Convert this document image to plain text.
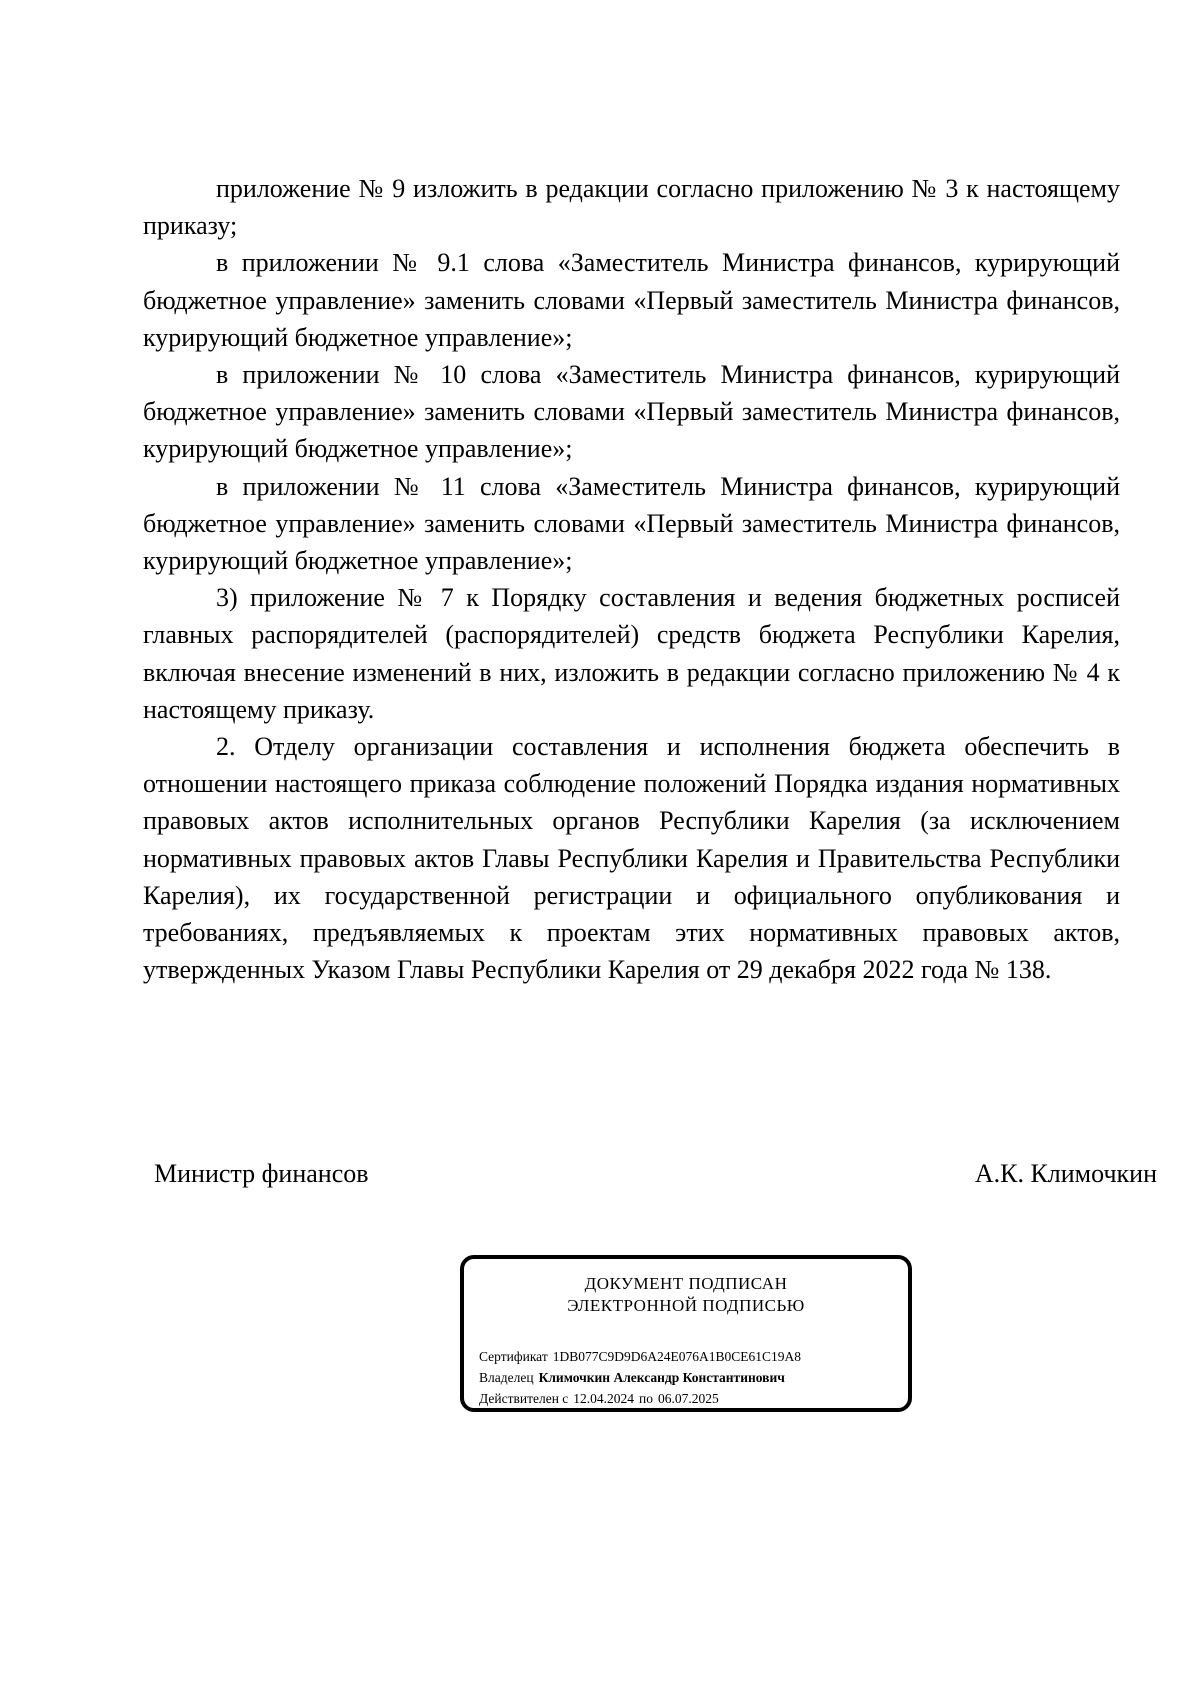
приложение № 9 изложить в редакции согласно приложению № 3 к настоящему приказу;

в приложении № 9.1 слова «Заместитель Министра финансов, курирующий бюджетное управление» заменить словами «Первый заместитель Министра финансов, курирующий бюджетное управление»;

в приложении № 10 слова «Заместитель Министра финансов, курирующий бюджетное управление» заменить словами «Первый заместитель Министра финансов, курирующий бюджетное управление»;

в приложении № 11 слова «Заместитель Министра финансов, курирующий бюджетное управление» заменить словами «Первый заместитель Министра финансов, курирующий бюджетное управление»;

3) приложение № 7 к Порядку составления и ведения бюджетных росписей главных распорядителей (распорядителей) средств бюджета Республики Карелия, включая внесение изменений в них, изложить в редакции согласно приложению № 4 к настоящему приказу.

2. Отделу организации составления и исполнения бюджета обеспечить в отношении настоящего приказа соблюдение положений Порядка издания нормативных правовых актов исполнительных органов Республики Карелия (за исключением нормативных правовых актов Главы Республики Карелия и Правительства Республики Карелия), их государственной регистрации и официального опубликования и требованиях, предъявляемых к проектам этих нормативных правовых актов, утвержденных Указом Главы Республики Карелия от 29 декабря 2022 года № 138.

Министр финансов	А.К. Климочкин
ДОКУМЕНТ ПОДПИСАН
ЭЛЕКТРОННОЙ ПОДПИСЬЮ
Сертификат 1DB077C9D9D6A24E076A1B0CE61C19A8
Владелец Климочкин Александр Константинович
Действителен с 12.04.2024 по 06.07.2025
